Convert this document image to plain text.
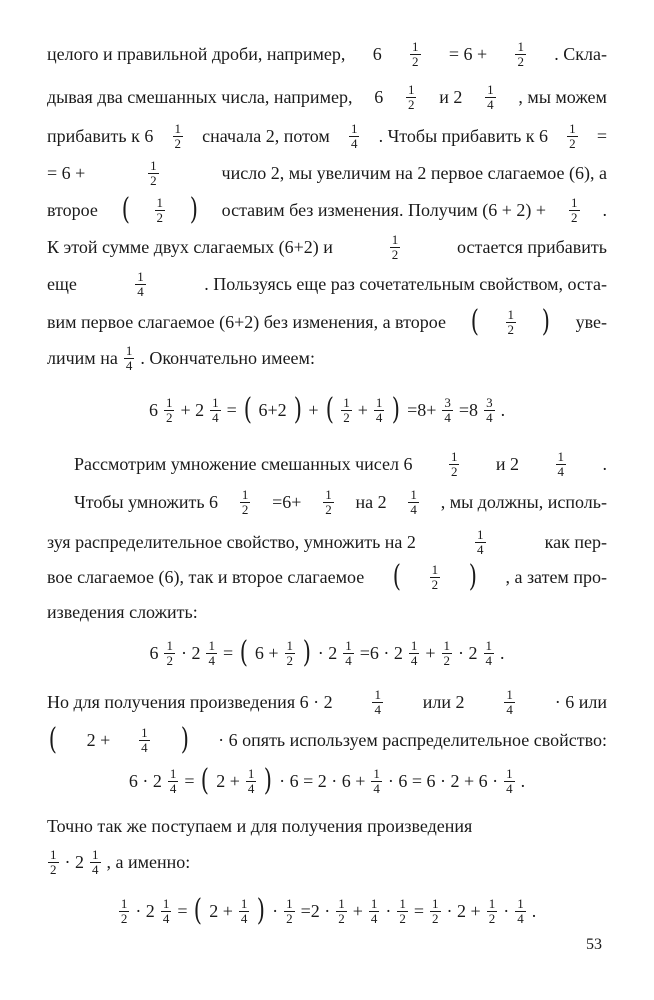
целого и правильной дроби, например, $6 \frac{1}{2} = 6 + \frac{1}{2}$ . Скла-
дывая два смешанных числа, например, $6 \frac{1}{2}$ и $2 \frac{1}{4}$ , мы можем
прибавить к $6 \frac{1}{2}$ сначала 2, потом $\frac{1}{4}$ . Чтобы прибавить к $6 \frac{1}{2}$ =
= 6 +	$\frac{1}{2}$	число 2, мы увеличим на 2 первое слагаемое (6), а
второе ( $\frac{1}{2}$ ) оставим без изменения. Получим $(6 + 2) + \frac{1}{2}$ .
К этой сумме двух слагаемых (6+2) и	$\frac{1}{2}$	остается прибавить
еще	$\frac{1}{4}$	. Пользуясь еще раз сочетательным свойством, оста-
вим первое слагаемое (6+2) без изменения, а второе ( $\frac{1}{2}$ ) уве-
личим на $\frac{1}{4}$ . Окончательно имеем:
$6 \frac{1}{2} + 2 \frac{1}{4}$ = ( 6+2 ) + ( $\frac{1}{2} + \frac{1}{4}$ ) $=8+ \frac{3}{4} =8 \frac{3}{4}$ .
Рассмотрим умножение смешанных чисел 6	$\frac{1}{2}$ и 2	$\frac{1}{4}$ .
Чтобы умножить $6 \frac{1}{2} =6+ \frac{1}{2}$ на $2 \frac{1}{4}$ , мы должны, исполь-
зуя распределительное свойство, умножить на 2	$\frac{1}{4}$	как пер-
вое слагаемое (6), так и второе слагаемое ( $\frac{1}{2}$ ) , а затем про-
изведения сложить:
$6 \frac{1}{2} \cdot 2 \frac{1}{4}$ = ( $6 + \frac{1}{2}$ ) · $2 \frac{1}{4} =6 \cdot 2 \frac{1}{4} + \frac{1}{2} \cdot 2 \frac{1}{4}$ .
Но для получения произведения 6 · 2	$\frac{1}{4}$ или 2	$\frac{1}{4} \cdot 6$ или
( $2 + \frac{1}{4}$ ) · 6 опять используем распределительное свойство:
$6 \cdot 2 \frac{1}{4}$ = ( $2 + \frac{1}{4}$ ) · $6 = 2 \cdot 6 + \frac{1}{4} \cdot 6 = 6 \cdot 2 + 6 \cdot \frac{1}{4}$ .
Точно так же поступаем и для получения произведения
$\frac{1}{2} \cdot 2 \frac{1}{4}$ , а именно:
$\frac{1}{2} \cdot 2 \frac{1}{4}$ = ( $2 + \frac{1}{4}$ ) · $\frac{1}{2} =2 \cdot \frac{1}{2} + \frac{1}{4} \cdot \frac{1}{2} = \frac{1}{2} \cdot 2 + \frac{1}{2} \cdot \frac{1}{4}$ .
53
